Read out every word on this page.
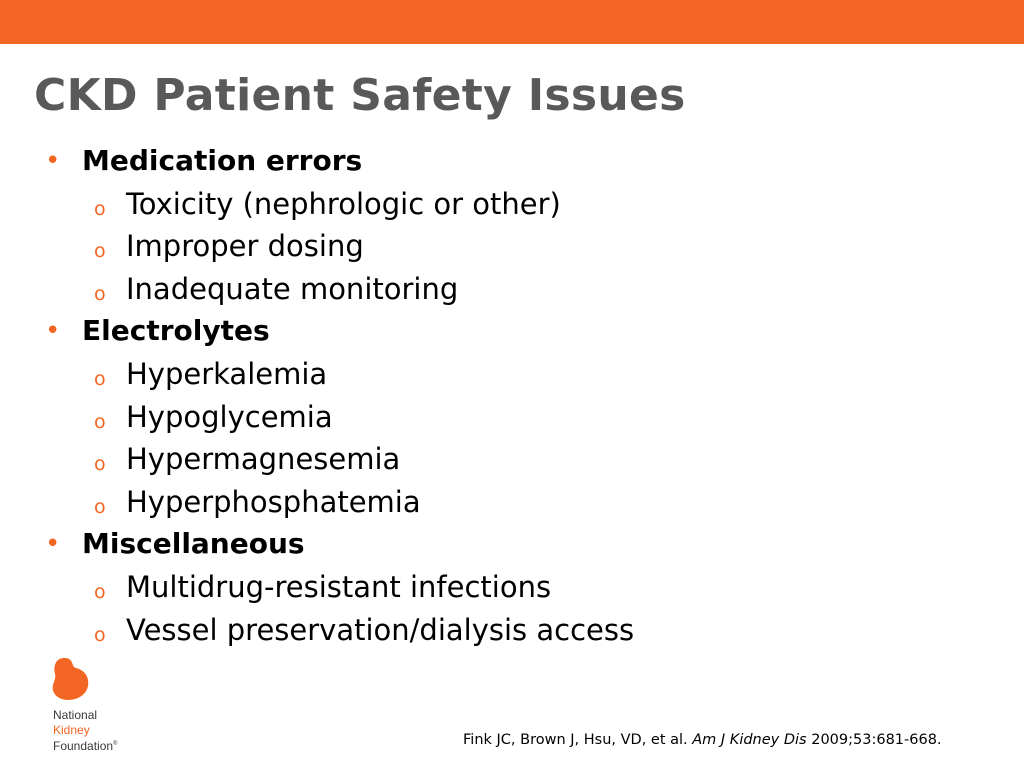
CKD Patient Safety Issues
• Medication errors
o Toxicity (nephrologic or other)
o Improper dosing
o Inadequate monitoring
• Electrolytes
o Hyperkalemia
o Hypoglycemia
o Hypermagnesemia
o Hyperphosphatemia
• Miscellaneous
o Multidrug-resistant infections
o Vessel preservation/dialysis access
National
Kidney
Foundation®	Fink JC, Brown J, Hsu, VD, et al. Am J Kidney Dis 2009;53:681-668.
